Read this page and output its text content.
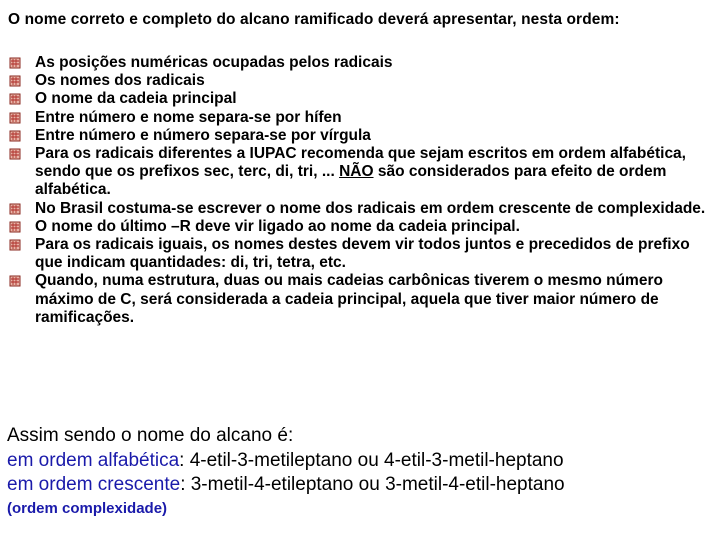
O nome correto e completo do alcano ramificado deverá apresentar, nesta ordem:
As posições numéricas ocupadas pelos radicais
Os nomes dos radicais
O nome da cadeia principal
Entre número e nome separa-se por hífen
Entre número e número separa-se por vírgula
Para os radicais diferentes a IUPAC recomenda que sejam escritos em ordem alfabética, sendo que os prefixos sec, terc, di, tri, ... NÃO são considerados para efeito de ordem alfabética.
No Brasil costuma-se escrever o nome dos radicais em ordem crescente de complexidade.
O nome do último –R deve vir ligado ao nome da cadeia principal.
Para os radicais iguais, os nomes destes devem vir todos juntos e precedidos de prefixo que indicam quantidades: di, tri, tetra, etc.
Quando, numa estrutura, duas ou mais cadeias carbônicas tiverem o mesmo número máximo de C, será considerada a cadeia principal, aquela que tiver maior número de ramificações.
Assim sendo o nome do alcano é:
em ordem alfabética: 4-etil-3-metileptano ou 4-etil-3-metil-heptano
em ordem crescente: 3-metil-4-etileptano ou 3-metil-4-etil-heptano
(ordem complexidade)
